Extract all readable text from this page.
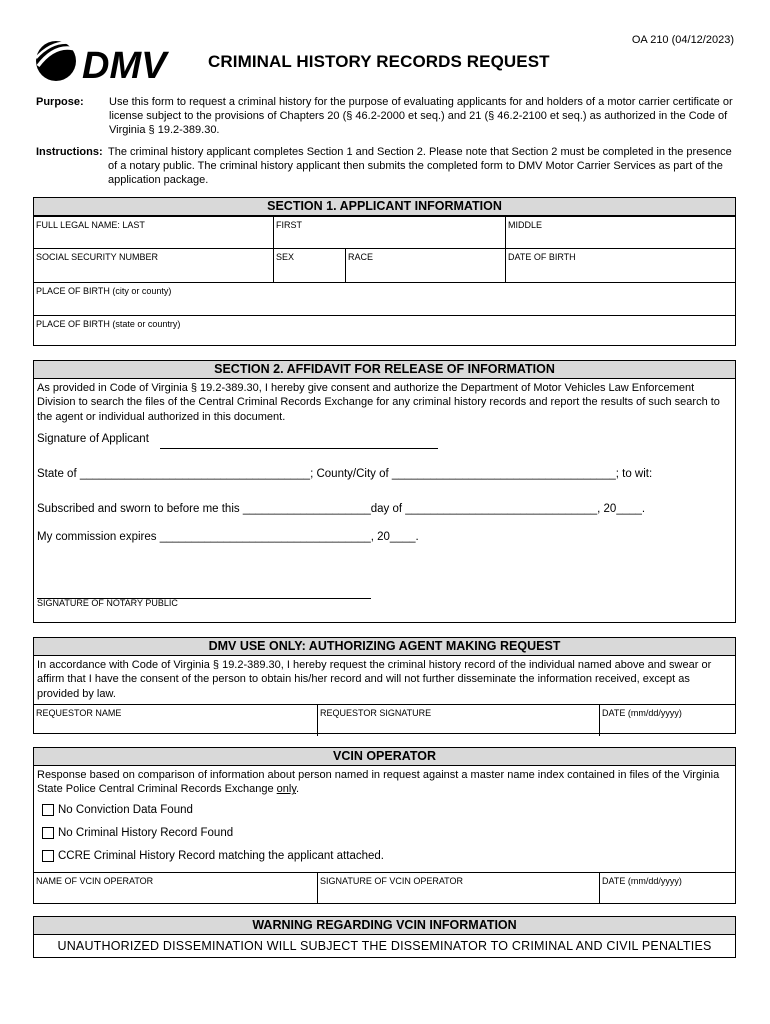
OA 210 (04/12/2023)
DMV CRIMINAL HISTORY RECORDS REQUEST
Purpose:	Use this form to request a criminal history for the purpose of evaluating applicants for and holders of a motor carrier certificate or license subject to the provisions of Chapters 20 (§ 46.2-2000 et seq.) and 21 (§ 46.2-2100 et seq.) as authorized in the Code of Virginia § 19.2-389.30.
Instructions: The criminal history applicant completes Section 1 and Section 2. Please note that Section 2 must be completed in the presence of a notary public. The criminal history applicant then submits the completed form to DMV Motor Carrier Services as part of the application package.
SECTION 1. APPLICANT INFORMATION
FULL LEGAL NAME: LAST	FIRST	MIDDLE
SOCIAL SECURITY NUMBER	SEX	RACE	DATE OF BIRTH
PLACE OF BIRTH (city or county)
PLACE OF BIRTH (state or country)
SECTION 2. AFFIDAVIT FOR RELEASE OF INFORMATION
As provided in Code of Virginia § 19.2-389.30, I hereby give consent and authorize the Department of Motor Vehicles Law Enforcement Division to search the files of the Central Criminal Records Exchange for any criminal history records and report the results of such search to the agent or individual authorized in this document.
Signature of Applicant
State of ____________________________________; County/City of ___________________________________; to wit:
Subscribed and sworn to before me this ____________________day of ______________________________, 20____.
My commission expires _________________________________, 20____.
SIGNATURE OF NOTARY PUBLIC
DMV USE ONLY: AUTHORIZING AGENT MAKING REQUEST
In accordance with Code of Virginia § 19.2-389.30, I hereby request the criminal history record of the individual named above and swear or affirm that I have the consent of the person to obtain his/her record and will not further disseminate the information received, except as provided by law.
REQUESTOR NAME	REQUESTOR SIGNATURE	DATE (mm/dd/yyyy)
VCIN OPERATOR
Response based on comparison of information about person named in request against a master name index contained in files of the Virginia State Police Central Criminal Records Exchange only.
No Conviction Data Found
No Criminal History Record Found
CCRE Criminal History Record matching the applicant attached.
NAME OF VCIN OPERATOR	SIGNATURE OF VCIN OPERATOR	DATE (mm/dd/yyyy)
WARNING REGARDING VCIN INFORMATION
UNAUTHORIZED DISSEMINATION WILL SUBJECT THE DISSEMINATOR TO CRIMINAL AND CIVIL PENALTIES
